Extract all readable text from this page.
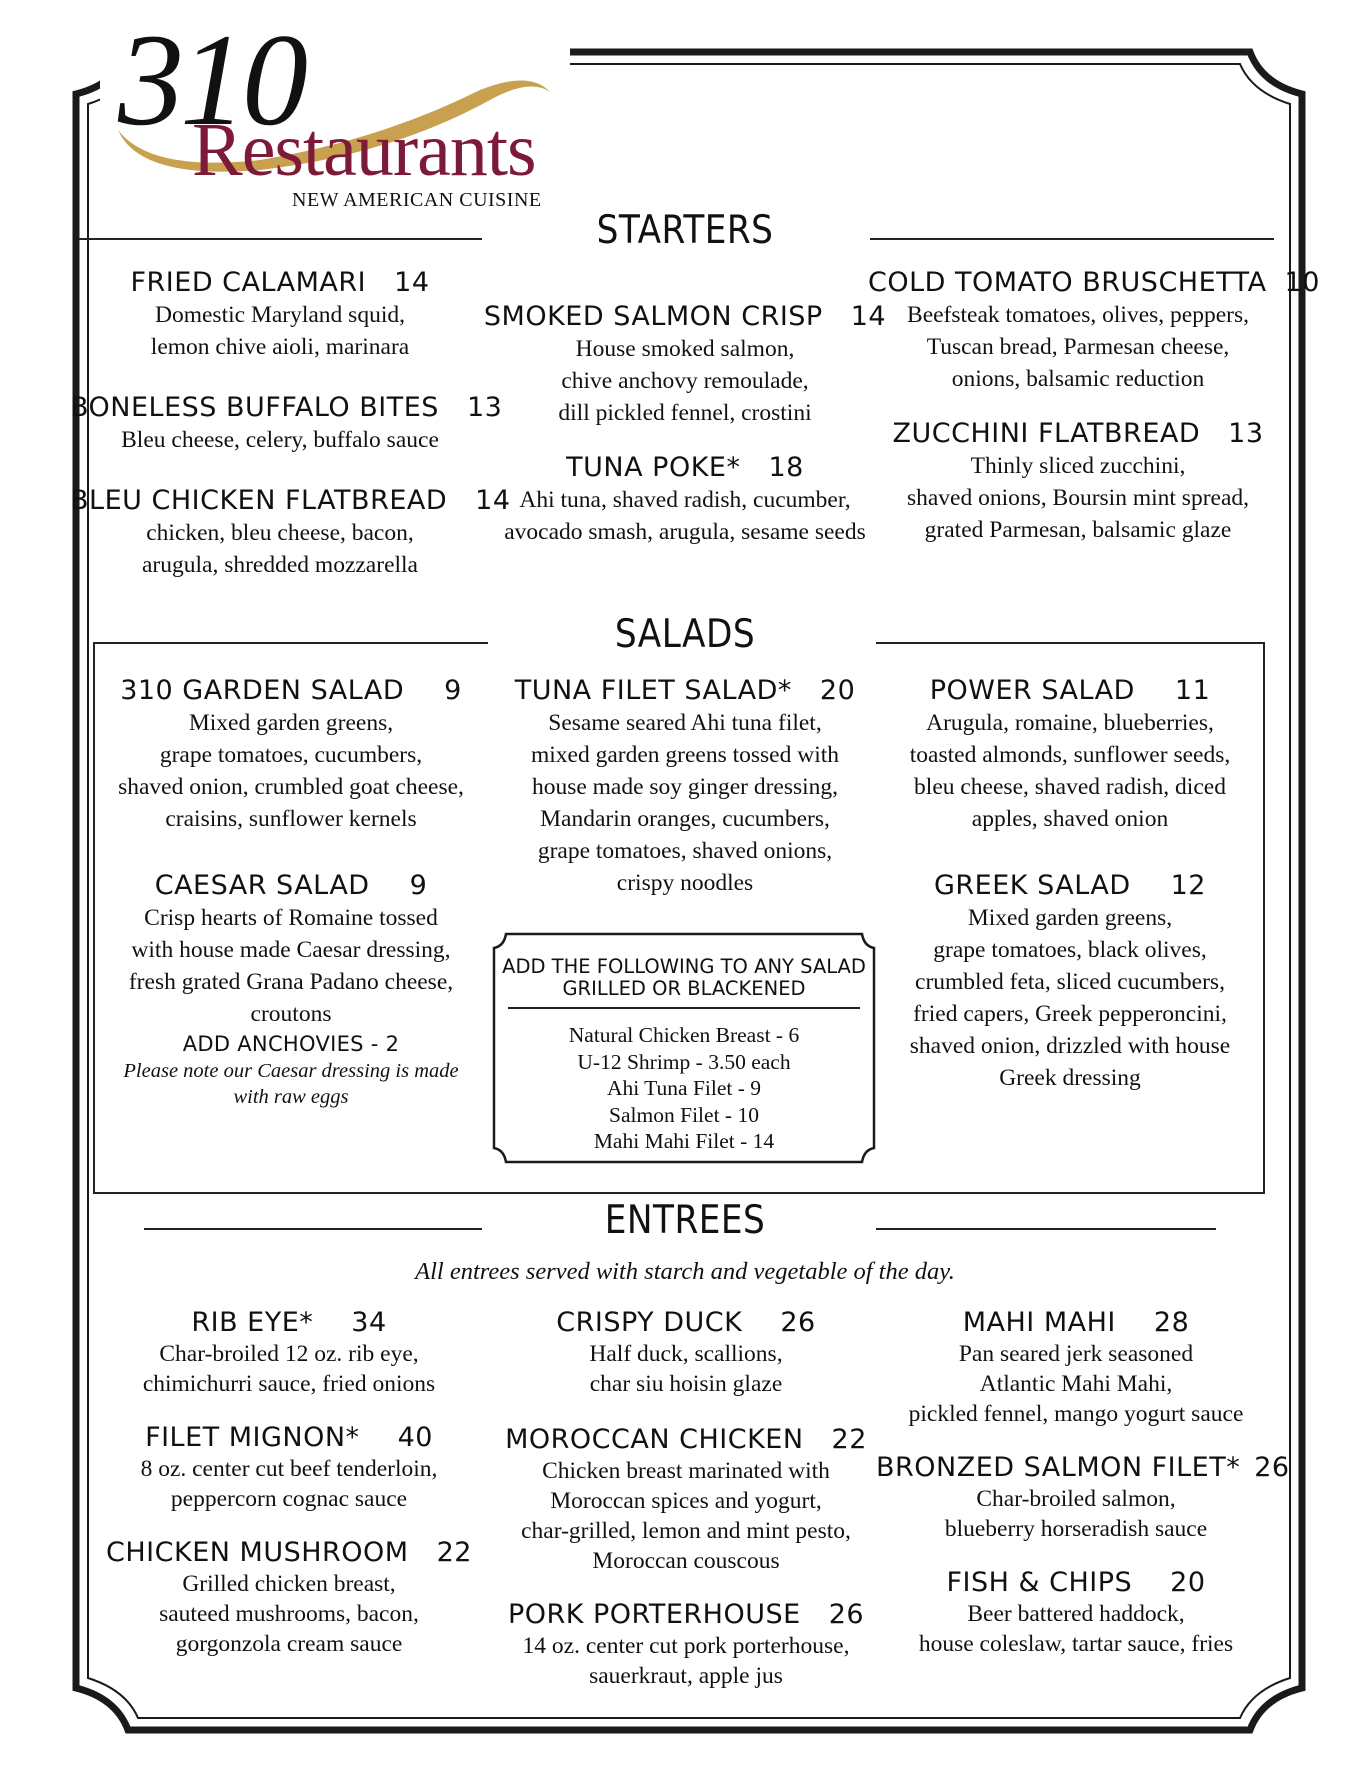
310
Restaurants
NEW AMERICAN CUISINE
STARTERS
FRIED CALAMARI 14
Domestic Maryland squid,
lemon chive aioli, marinara
BONELESS BUFFALO BITES 13
Bleu cheese, celery, buffalo sauce
BLEU CHICKEN FLATBREAD 14
chicken, bleu cheese, bacon,
arugula, shredded mozzarella
SMOKED SALMON CRISP 14
House smoked salmon,
chive anchovy remoulade,
dill pickled fennel, crostini
TUNA POKE* 18
Ahi tuna, shaved radish, cucumber,
avocado smash, arugula, sesame seeds
COLD TOMATO BRUSCHETTA 10
Beefsteak tomatoes, olives, peppers,
Tuscan bread, Parmesan cheese,
onions, balsamic reduction
ZUCCHINI FLATBREAD 13
Thinly sliced zucchini,
shaved onions, Boursin mint spread,
grated Parmesan, balsamic glaze
SALADS
310 GARDEN SALAD 9
Mixed garden greens,
grape tomatoes, cucumbers,
shaved onion, crumbled goat cheese,
craisins, sunflower kernels
CAESAR SALAD 9
Crisp hearts of Romaine tossed
with house made Caesar dressing,
fresh grated Grana Padano cheese,
croutons
ADD ANCHOVIES - 2
Please note our Caesar dressing is made
with raw eggs
TUNA FILET SALAD* 20
Sesame seared Ahi tuna filet,
mixed garden greens tossed with
house made soy ginger dressing,
Mandarin oranges, cucumbers,
grape tomatoes, shaved onions,
crispy noodles
POWER SALAD 11
Arugula, romaine, blueberries,
toasted almonds, sunflower seeds,
bleu cheese, shaved radish, diced
apples, shaved onion
GREEK SALAD 12
Mixed garden greens,
grape tomatoes, black olives,
crumbled feta, sliced cucumbers,
fried capers, Greek pepperoncini,
shaved onion, drizzled with house
Greek dressing
ADD THE FOLLOWING TO ANY SALAD
GRILLED OR BLACKENED
Natural Chicken Breast - 6
U-12 Shrimp - 3.50 each
Ahi Tuna Filet - 9
Salmon Filet - 10
Mahi Mahi Filet - 14
ENTREES
All entrees served with starch and vegetable of the day.
RIB EYE* 34
Char-broiled 12 oz. rib eye,
chimichurri sauce, fried onions
FILET MIGNON* 40
8 oz. center cut beef tenderloin,
peppercorn cognac sauce
CHICKEN MUSHROOM 22
Grilled chicken breast,
sauteed mushrooms, bacon,
gorgonzola cream sauce
CRISPY DUCK 26
Half duck, scallions,
char siu hoisin glaze
MOROCCAN CHICKEN 22
Chicken breast marinated with
Moroccan spices and yogurt,
char-grilled, lemon and mint pesto,
Moroccan couscous
PORK PORTERHOUSE 26
14 oz. center cut pork porterhouse,
sauerkraut, apple jus
MAHI MAHI 28
Pan seared jerk seasoned
Atlantic Mahi Mahi,
pickled fennel, mango yogurt sauce
BRONZED SALMON FILET* 26
Char-broiled salmon,
blueberry horseradish sauce
FISH & CHIPS 20
Beer battered haddock,
house coleslaw, tartar sauce, fries
